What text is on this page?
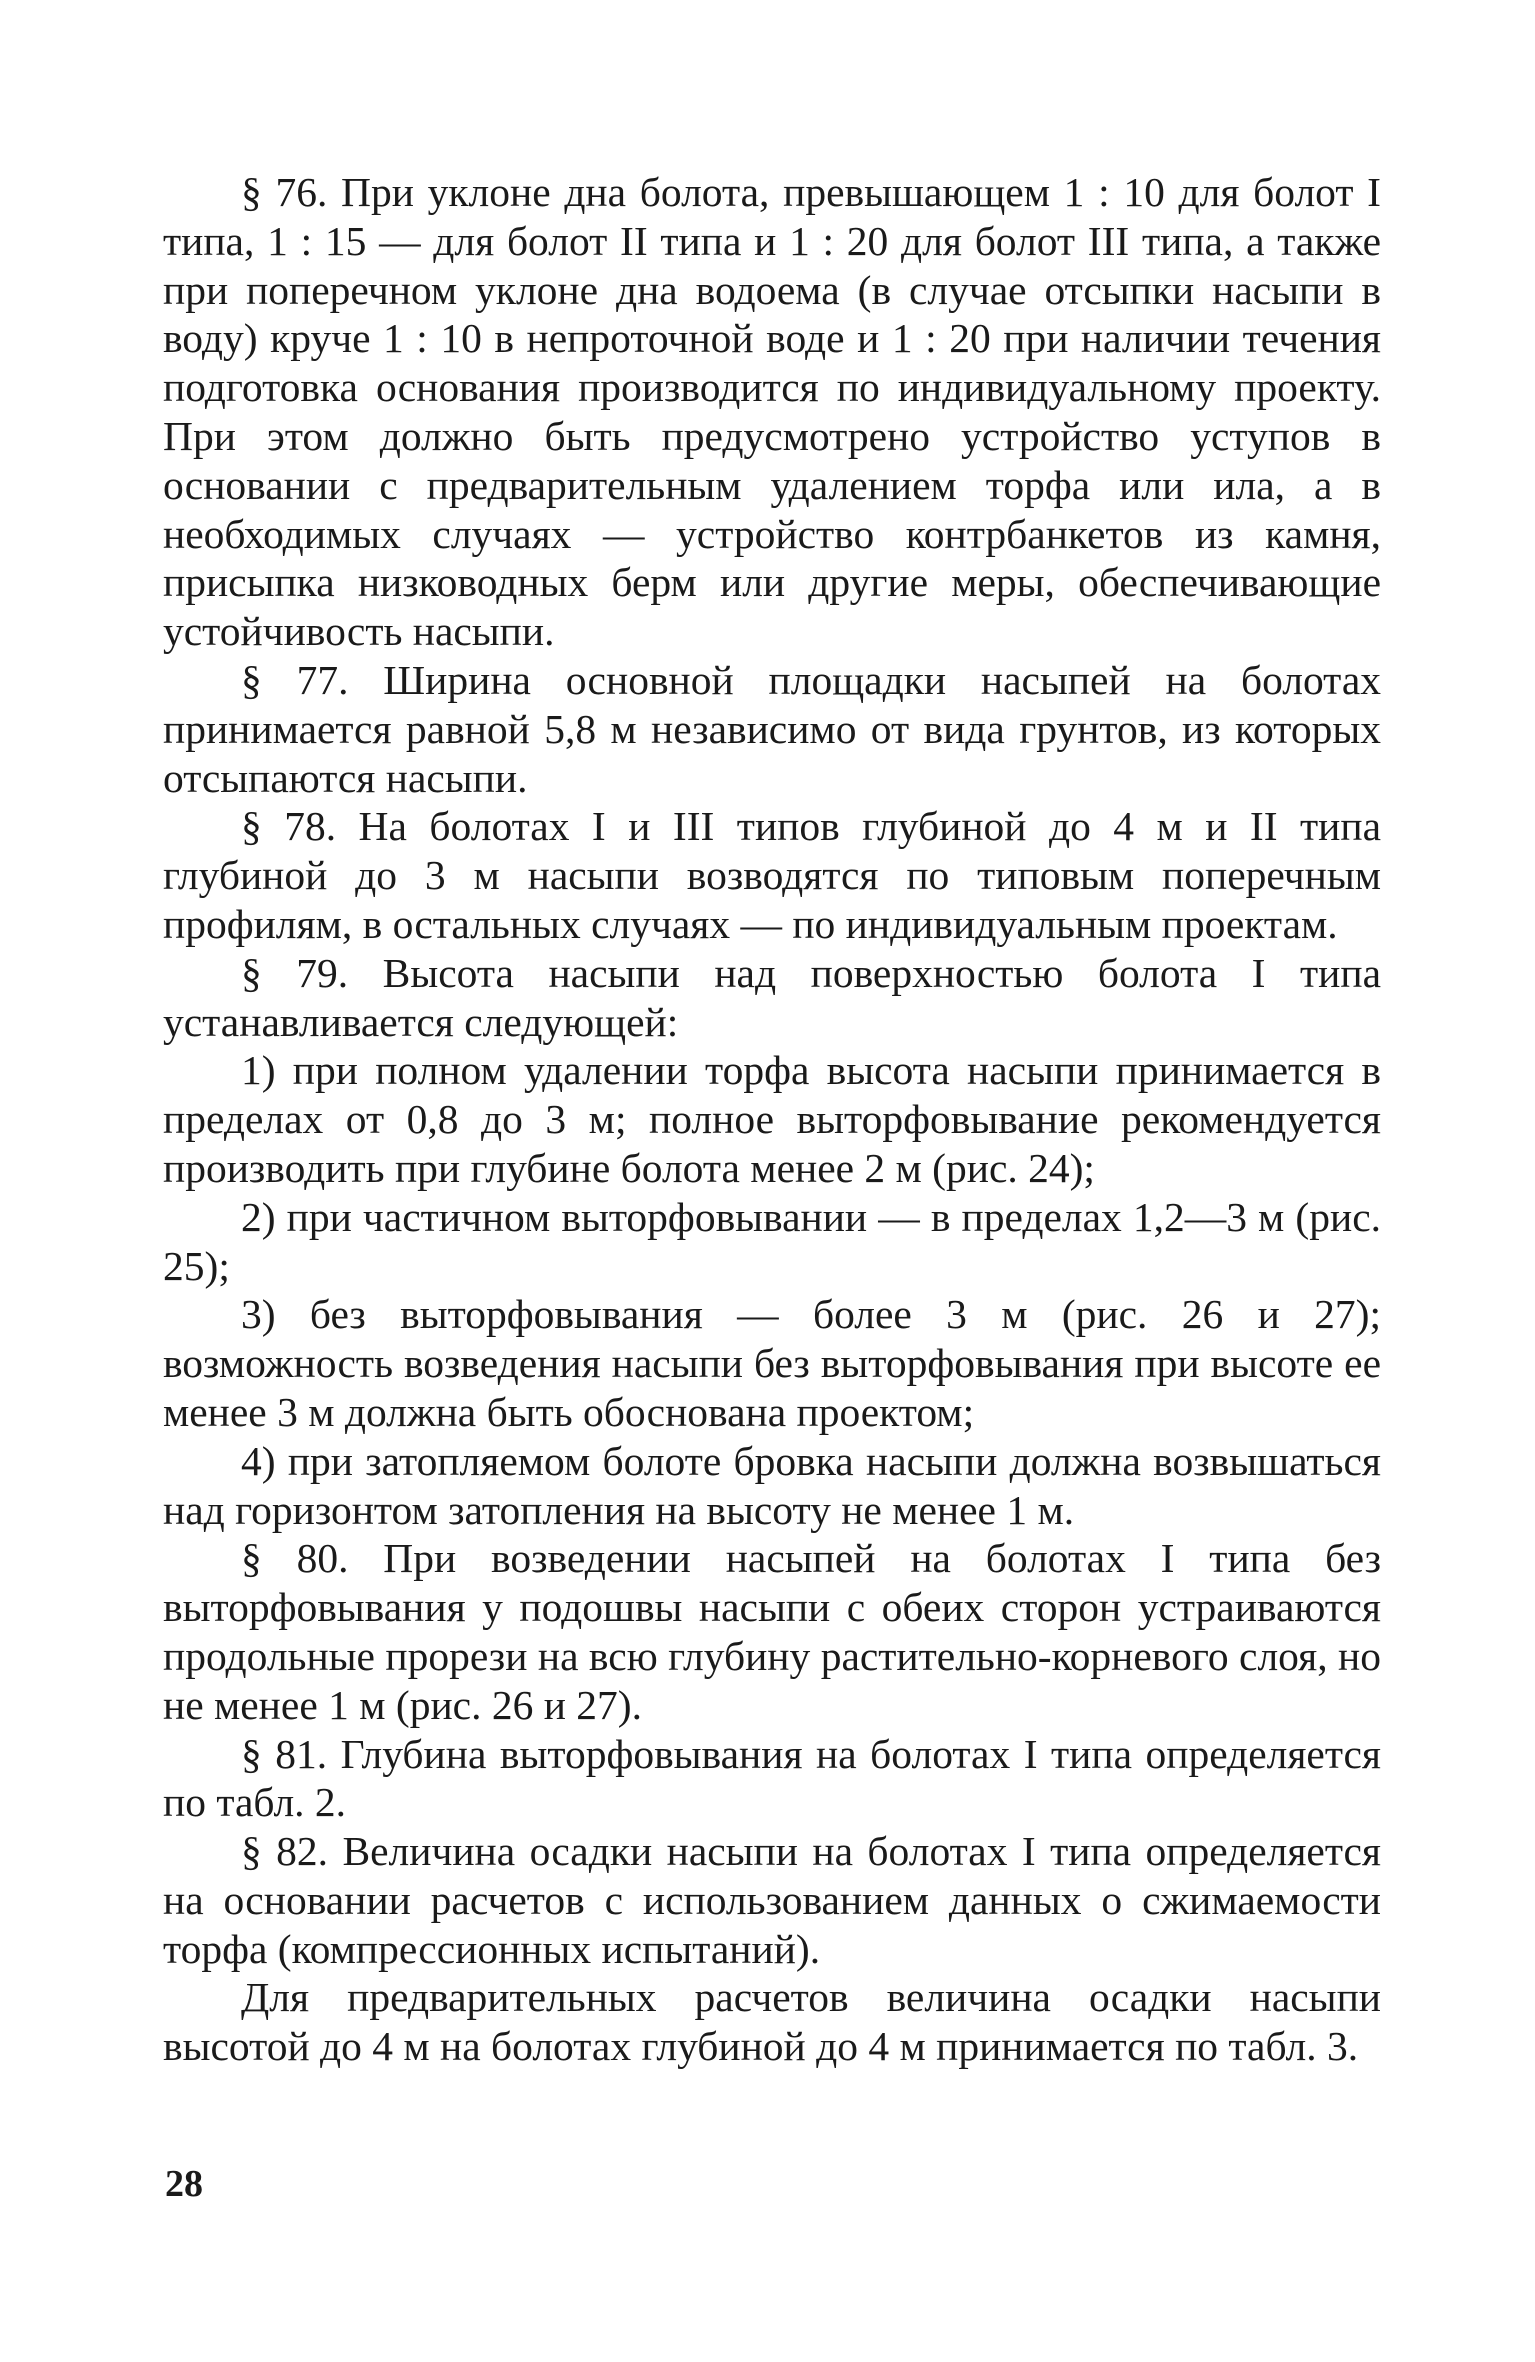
§ 76. При уклоне дна болота, превышающем 1 : 10 для болот I типа, 1 : 15 — для болот II типа и 1 : 20 для болот III типа, а также при поперечном уклоне дна водоема (в случае отсыпки насыпи в воду) круче 1 : 10 в непроточной воде и 1 : 20 при наличии течения подготовка основания производится по индивидуальному проекту. При этом должно быть предусмотрено устройство уступов в основании с предварительным удалением торфа или ила, а в необходимых случаях — устройство контрбанкетов из камня, присыпка низководных берм или другие меры, обеспечивающие устойчивость насыпи.

§ 77. Ширина основной площадки насыпей на болотах принимается равной 5,8 м независимо от вида грунтов, из которых отсыпаются насыпи.

§ 78. На болотах I и III типов глубиной до 4 м и II типа глубиной до 3 м насыпи возводятся по типовым поперечным профилям, в остальных случаях — по индивидуальным проектам.

§ 79. Высота насыпи над поверхностью болота I типа устанавливается следующей:

1) при полном удалении торфа высота насыпи принимается в пределах от 0,8 до 3 м; полное выторфовывание рекомендуется производить при глубине болота менее 2 м (рис. 24);

2) при частичном выторфовывании — в пределах 1,2—3 м (рис. 25);

3) без выторфовывания — более 3 м (рис. 26 и 27); возможность возведения насыпи без выторфовывания при высоте ее менее 3 м должна быть обоснована проектом;

4) при затопляемом болоте бровка насыпи должна возвышаться над горизонтом затопления на высоту не менее 1 м.

§ 80. При возведении насыпей на болотах I типа без выторфовывания у подошвы насыпи с обеих сторон устраиваются продольные прорези на всю глубину растительно-корневого слоя, но не менее 1 м (рис. 26 и 27).

§ 81. Глубина выторфовывания на болотах I типа определяется по табл. 2.

§ 82. Величина осадки насыпи на болотах I типа определяется на основании расчетов с использованием данных о сжимаемости торфа (компрессионных испытаний).

Для предварительных расчетов величина осадки насыпи высотой до 4 м на болотах глубиной до 4 м принимается по табл. 3.

28
